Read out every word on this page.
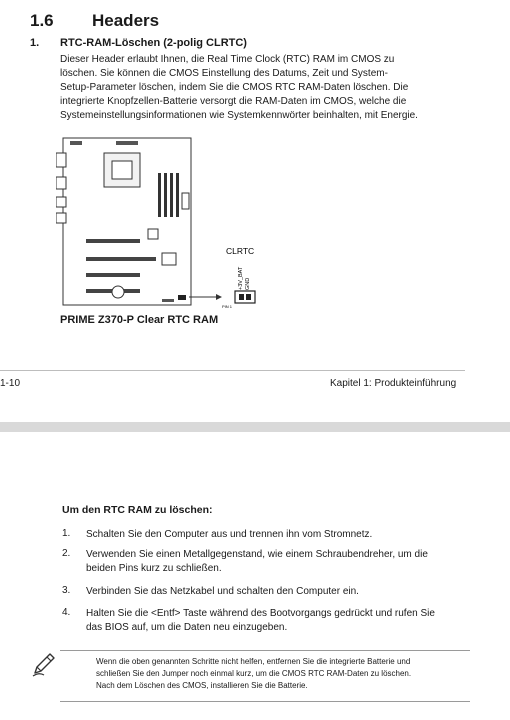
1.6 Headers
1. RTC-RAM-Löschen (2-polig CLRTC)
Dieser Header erlaubt Ihnen, die Real Time Clock (RTC) RAM im CMOS zu
löschen. Sie können die CMOS Einstellung des Datums, Zeit und System-
Setup-Parameter löschen, indem Sie die CMOS RTC RAM-Daten löschen. Die
integrierte Knopfzellen-Batterie versorgt die RAM-Daten im CMOS, welche die
Systemeinstellungsinformationen wie Systemkennwörter beinhalten, mit Energie.
CLRTC
+3V_BAT GND
PIN 1
PRIME Z370-P Clear RTC RAM
1-10	Kapitel 1: Produkteinführung
Um den RTC RAM zu löschen:
1. Schalten Sie den Computer aus und trennen ihn vom Stromnetz.
2. Verwenden Sie einen Metallgegenstand, wie einem Schraubendreher, um die
beiden Pins kurz zu schließen.
3. Verbinden Sie das Netzkabel und schalten den Computer ein.
4. Halten Sie die <Entf> Taste während des Bootvorgangs gedrückt und rufen Sie
das BIOS auf, um die Daten neu einzugeben.
Wenn die oben genannten Schritte nicht helfen, entfernen Sie die integrierte Batterie und
schließen Sie den Jumper noch einmal kurz, um die CMOS RTC RAM-Daten zu löschen.
Nach dem Löschen des CMOS, installieren Sie die Batterie.
